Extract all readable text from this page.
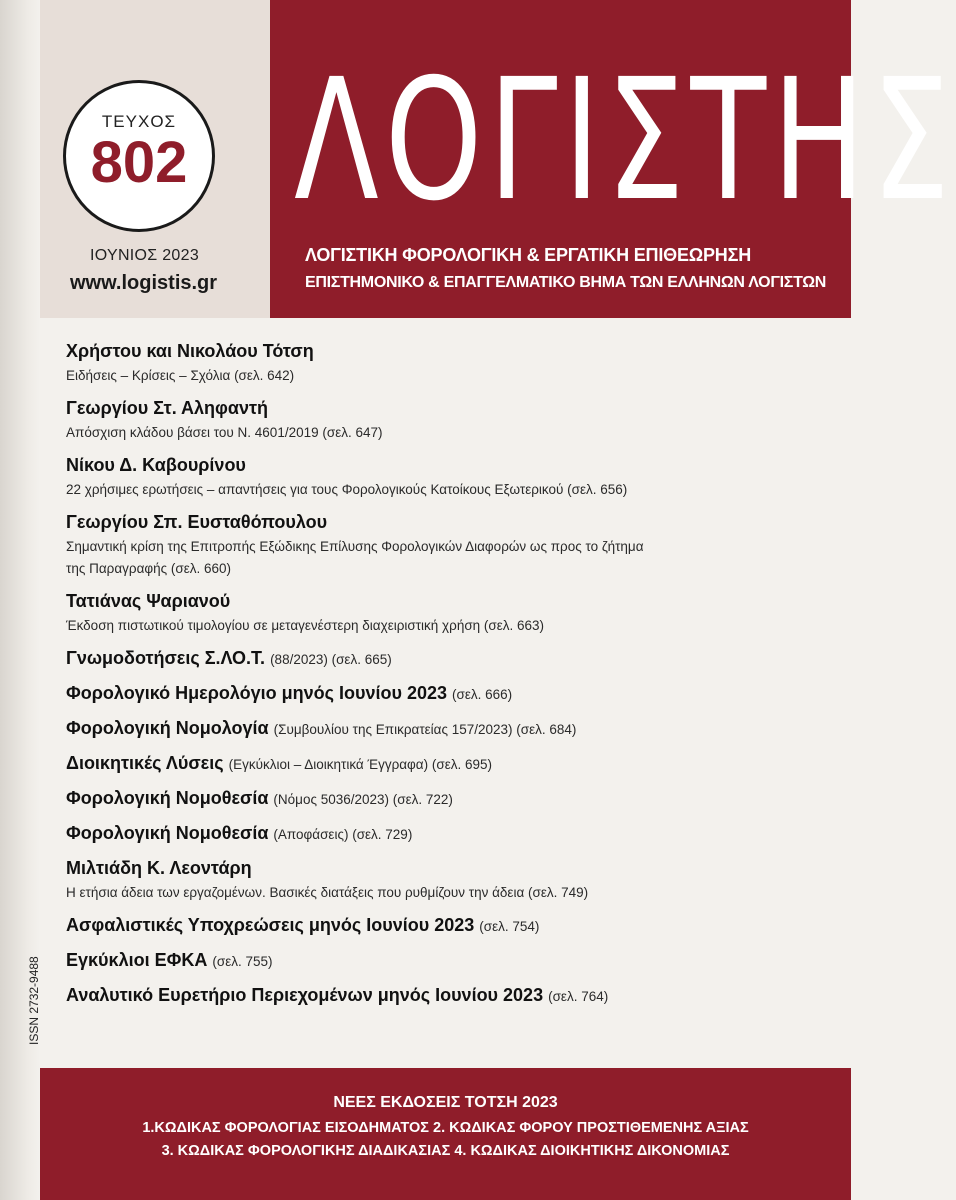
ΤΕΥΧΟΣ
802
ΙΟΥΝΙΟΣ 2023
www.logistis.gr
ΛΟΓΙΣΤΗΣ
ΛΟΓΙΣΤΙΚΗ ΦΟΡΟΛΟΓΙΚΗ & ΕΡΓΑΤΙΚΗ ΕΠΙΘΕΩΡΗΣΗ
ΕΠΙΣΤΗΜΟΝΙΚΟ & ΕΠΑΓΓΕΛΜΑΤΙΚΟ ΒΗΜΑ ΤΩΝ ΕΛΛΗΝΩΝ ΛΟΓΙΣΤΩΝ
ISSN 2732-9488
Χρήστου και Νικολάου Τότση
Ειδήσεις – Κρίσεις – Σχόλια (σελ. 642)
Γεωργίου Στ. Αληφαντή
Απόσχιση κλάδου βάσει του Ν. 4601/2019 (σελ. 647)
Νίκου Δ. Καβουρίνου
22 χρήσιμες ερωτήσεις – απαντήσεις για τους Φορολογικούς Κατοίκους Εξωτερικού (σελ. 656)
Γεωργίου Σπ. Ευσταθόπουλου
Σημαντική κρίση της Επιτροπής Εξώδικης Επίλυσης Φορολογικών Διαφορών ως προς το ζήτημα
της Παραγραφής (σελ. 660)
Τατιάνας Ψαριανού
Έκδοση πιστωτικού τιμολογίου σε μεταγενέστερη διαχειριστική χρήση (σελ. 663)
Γνωμοδοτήσεις Σ.ΛΟ.Τ. (88/2023) (σελ. 665)
Φορολογικό Ημερολόγιο μηνός Ιουνίου 2023 (σελ. 666)
Φορολογική Νομολογία (Συμβουλίου της Επικρατείας 157/2023) (σελ. 684)
Διοικητικές Λύσεις (Εγκύκλιοι – Διοικητικά Έγγραφα) (σελ. 695)
Φορολογική Νομοθεσία (Νόμος 5036/2023) (σελ. 722)
Φορολογική Νομοθεσία (Αποφάσεις) (σελ. 729)
Μιλτιάδη Κ. Λεοντάρη
Η ετήσια άδεια των εργαζομένων. Βασικές διατάξεις που ρυθμίζουν την άδεια (σελ. 749)
Ασφαλιστικές Υποχρεώσεις μηνός Ιουνίου 2023 (σελ. 754)
Εγκύκλιοι ΕΦΚΑ (σελ. 755)
Αναλυτικό Ευρετήριο Περιεχομένων μηνός Ιουνίου 2023 (σελ. 764)
ΝΕΕΣ ΕΚΔΟΣΕΙΣ ΤΟΤΣΗ 2023
1.ΚΩΔΙΚΑΣ ΦΟΡΟΛΟΓΙΑΣ ΕΙΣΟΔΗΜΑΤΟΣ 2. ΚΩΔΙΚΑΣ ΦΟΡΟΥ ΠΡΟΣΤΙΘΕΜΕΝΗΣ ΑΞΙΑΣ
3. ΚΩΔΙΚΑΣ ΦΟΡΟΛΟΓΙΚΗΣ ΔΙΑΔΙΚΑΣΙΑΣ 4. ΚΩΔΙΚΑΣ ΔΙΟΙΚΗΤΙΚΗΣ ΔΙΚΟΝΟΜΙΑΣ
